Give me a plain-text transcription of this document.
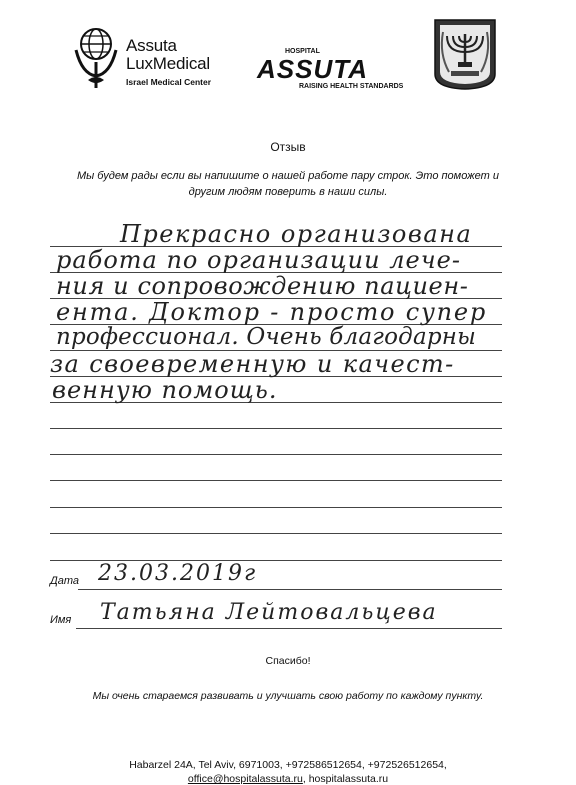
Assuta
LuxMedical
Israel Medical Center
HOSPITAL
ASSUTA
RAISING HEALTH STANDARDS
Отзыв
Мы будем рады если вы напишите о нашей работе пару строк. Это поможет и другим людям поверить в наши силы.
Прекрасно организована
работа по организации лече-
ния и сопровождению пациен-
ента. Доктор - просто супер
профессионал. Очень благодарны
за своевременную и качест-
венную помощь.
Дата 23.03.2019г
Имя Татьяна Лейтовальцева
Спасибо!
Мы очень стараемся развивать и улучшать свою работу по каждому пункту.
Habarzel 24A, Tel Aviv, 6971003, +972586512654, +972526512654,
office@hospitalassuta.ru, hospitalassuta.ru
